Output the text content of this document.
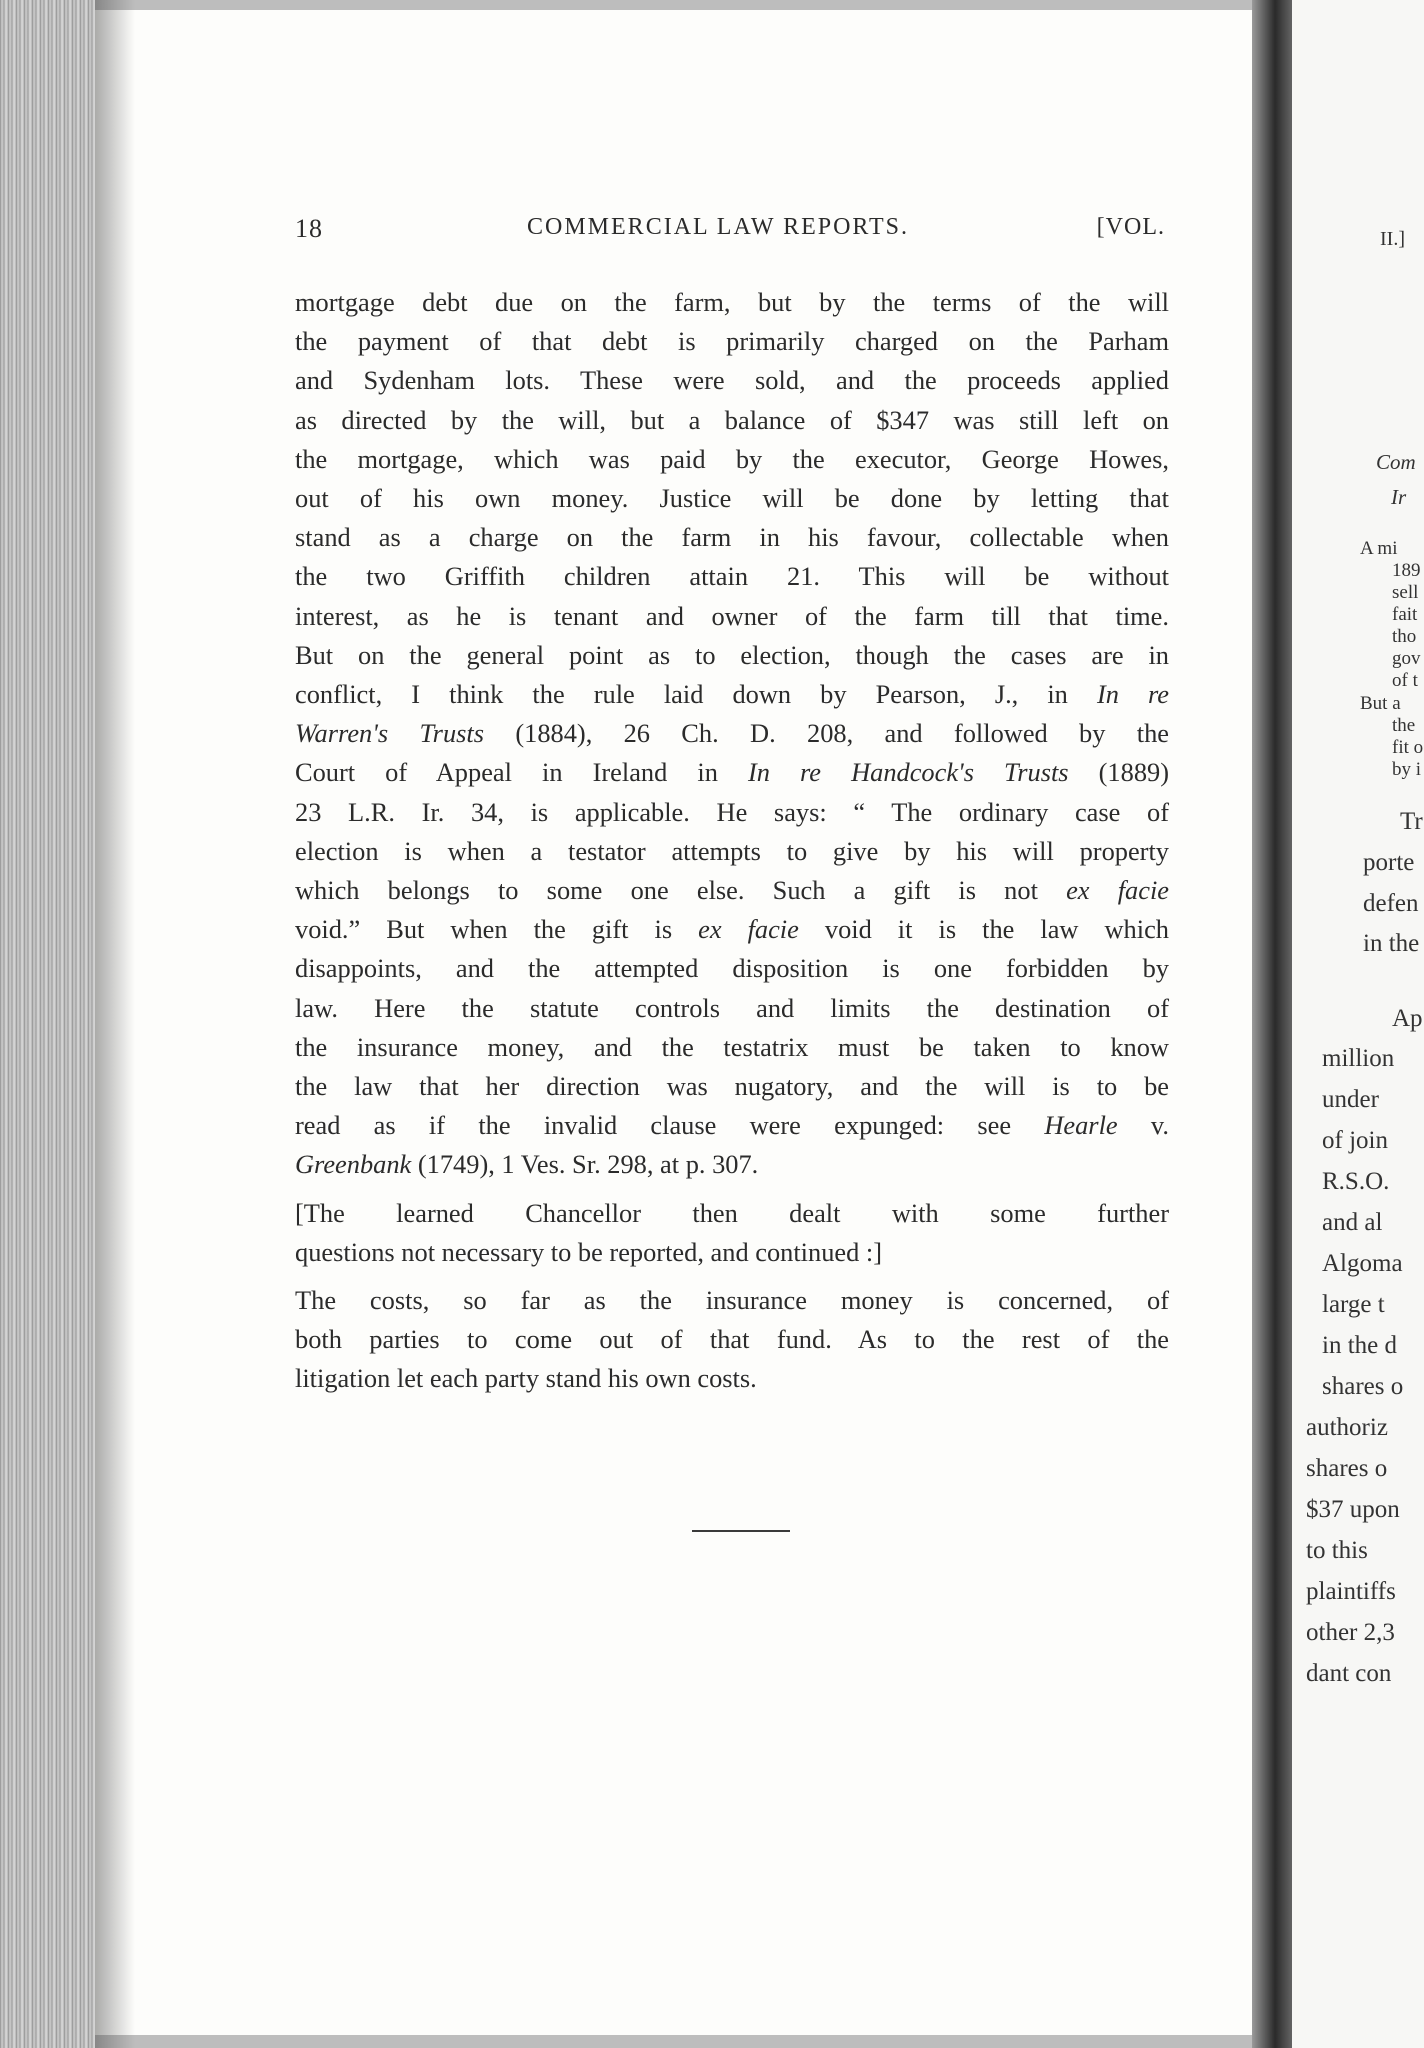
18	COMMERCIAL LAW REPORTS.	[VOL.

mortgage debt due on the farm, but by the terms of the will

the payment of that debt is primarily charged on the Parham

and Sydenham lots. These were sold, and the proceeds applied

as directed by the will, but a balance of $347 was still left on

the mortgage, which was paid by the executor, George Howes,

out of his own money. Justice will be done by letting that

stand as a charge on the farm in his favour, collectable when

the two Griffith children attain 21. This will be without

interest, as he is tenant and owner of the farm till that time.

But on the general point as to election, though the cases are in

conflict, I think the rule laid down by Pearson, J., in In re

Warren's Trusts (1884), 26 Ch. D. 208, and followed by the

Court of Appeal in Ireland in In re Handcock's Trusts (1889)

23 L.R. Ir. 34, is applicable. He says: “ The ordinary case of

election is when a testator attempts to give by his will property

which belongs to some one else. Such a gift is not ex facie

void.” But when the gift is ex facie void it is the law which

disappoints, and the attempted disposition is one forbidden by

law. Here the statute controls and limits the destination of

the insurance money, and the testatrix must be taken to know

the law that her direction was nugatory, and the will is to be

read as if the invalid clause were expunged: see Hearle v.

Greenbank (1749), 1 Ves. Sr. 298, at p. 307.

[The learned Chancellor then dealt with some further

questions not necessary to be reported, and continued :]

The costs, so far as the insurance money is concerned, of

both parties to come out of that fund. As to the rest of the

litigation let each party stand his own costs.

II.]
Com
Ir
A mi
189
sell
fait
tho
gov
of t
But a
the
fit o
by i
Tr
porte
defen
in the
Ap
million
under
of join
R.S.O.
and al
Algoma
large t
in the d
shares o
authoriz
shares o
$37 upon
to this
plaintiffs
other 2,3
dant con
